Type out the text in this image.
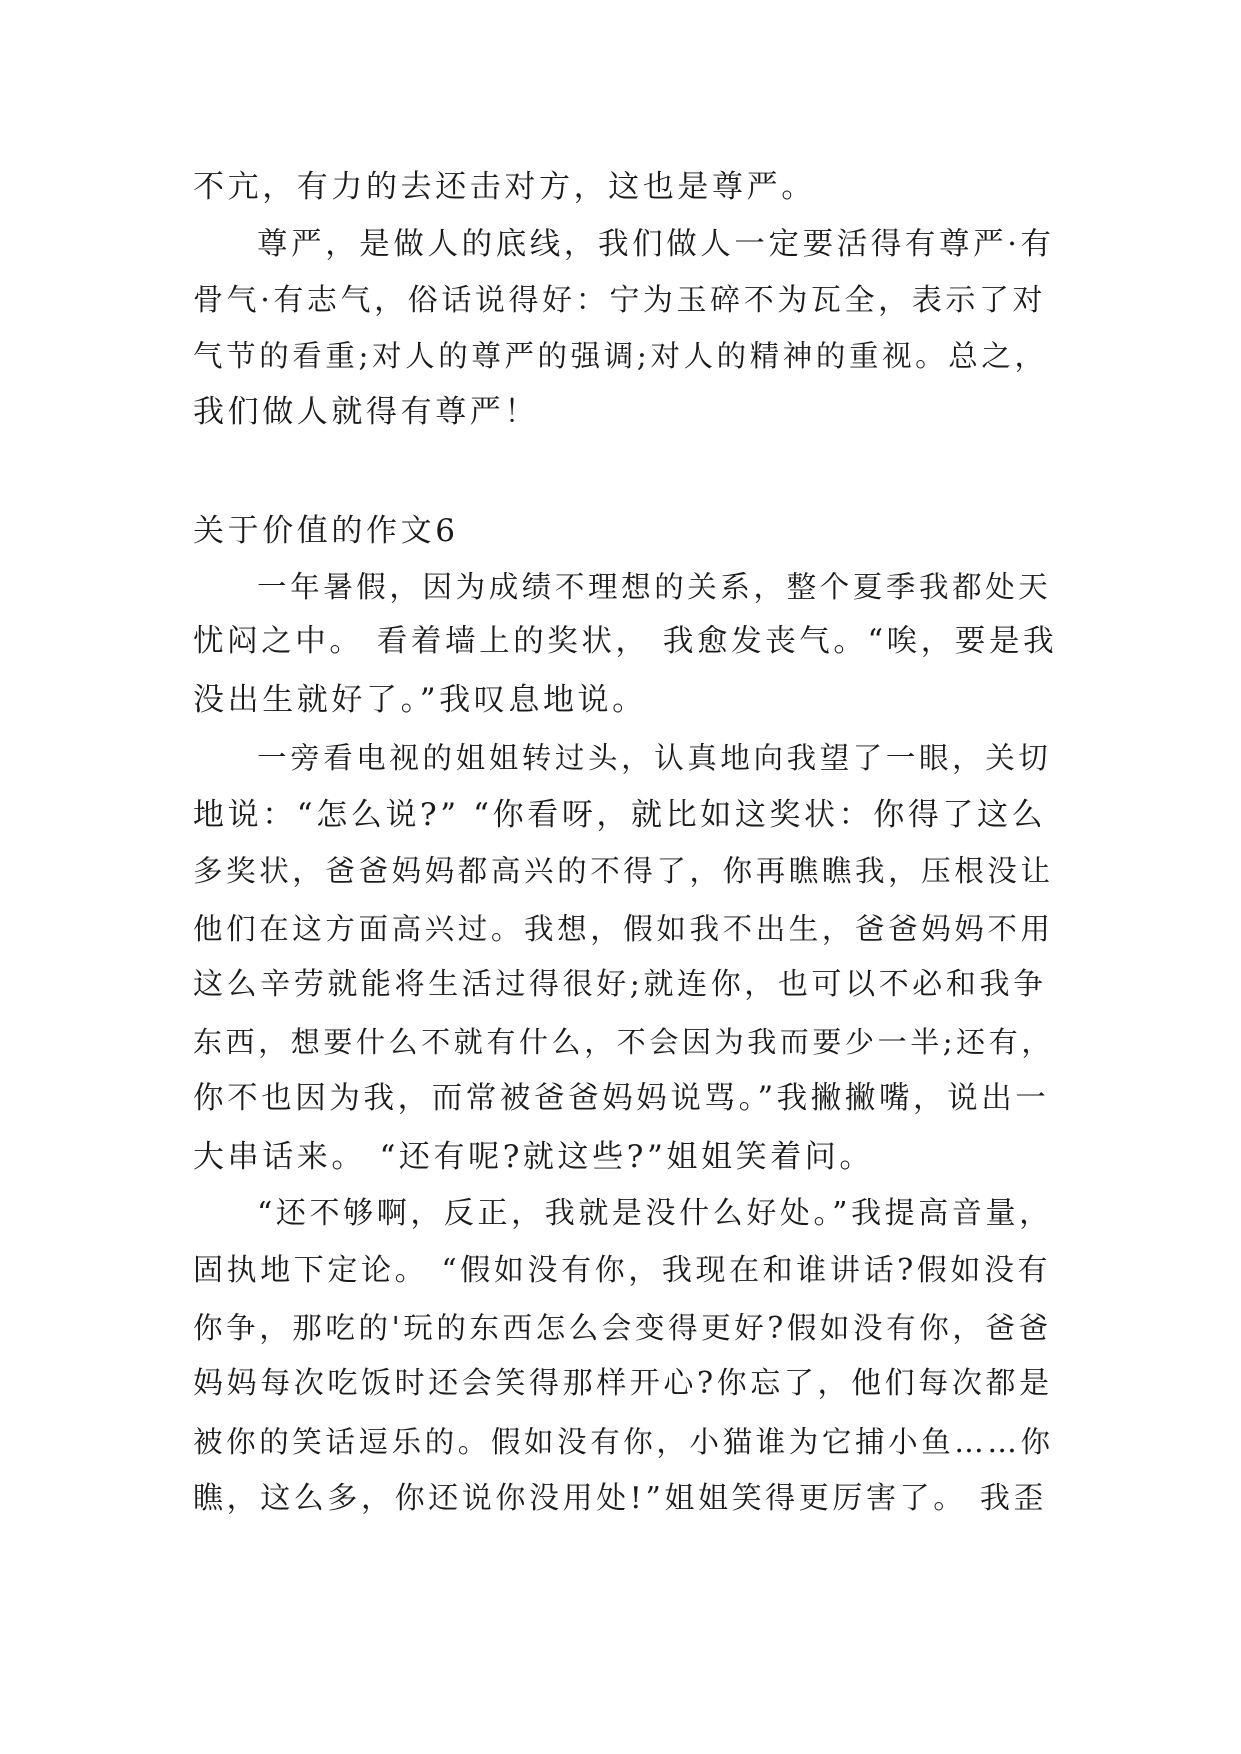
不亢，有力的去还击对方，这也是尊严。
尊严，是做人的底线，我们做人一定要活得有尊严·有
骨气·有志气，俗话说得好：宁为玉碎不为瓦全，表示了对
气节的看重;对人的尊严的强调;对人的精神的重视。总之，
我们做人就得有尊严！
关于价值的作文6
一年暑假，因为成绩不理想的关系，整个夏季我都处天
忧闷之中。 看着墙上的奖状， 我愈发丧气。“唉，要是我
没出生就好了。”我叹息地说。
一旁看电视的姐姐转过头，认真地向我望了一眼，关切
地说：“怎么说?” “你看呀，就比如这奖状：你得了这么
多奖状，爸爸妈妈都高兴的不得了，你再瞧瞧我，压根没让
他们在这方面高兴过。我想，假如我不出生，爸爸妈妈不用
这么辛劳就能将生活过得很好;就连你，也可以不必和我争
东西，想要什么不就有什么，不会因为我而要少一半;还有，
你不也因为我，而常被爸爸妈妈说骂。”我撇撇嘴，说出一
大串话来。 “还有呢?就这些?”姐姐笑着问。
“还不够啊，反正，我就是没什么好处。”我提高音量，
固执地下定论。 “假如没有你，我现在和谁讲话?假如没有
你争，那吃的'玩的东西怎么会变得更好?假如没有你，爸爸
妈妈每次吃饭时还会笑得那样开心?你忘了，他们每次都是
被你的笑话逗乐的。假如没有你，小猫谁为它捕小鱼……你
瞧，这么多，你还说你没用处!”姐姐笑得更厉害了。 我歪
